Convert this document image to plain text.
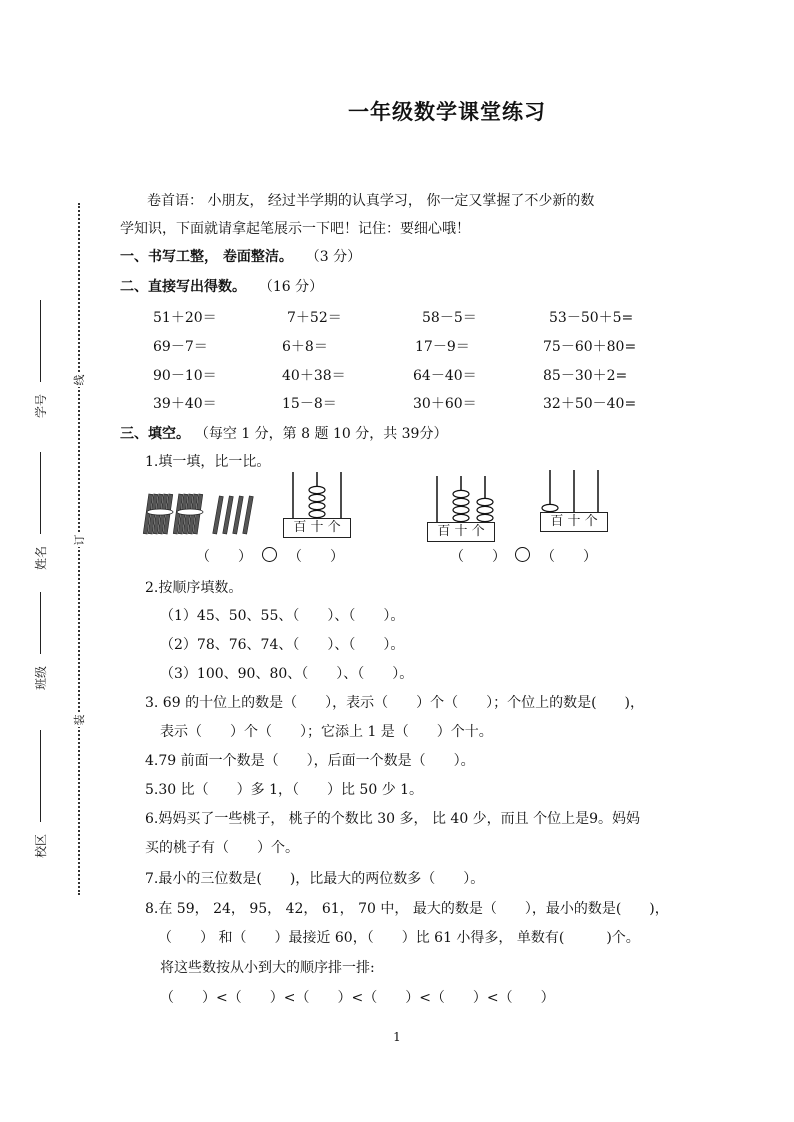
一年级数学课堂练习
线
订
装
学号
姓名
班级
校区
卷首语： 小朋友， 经过半学期的认真学习， 你一定又掌握了不少新的数
学知识，下面就请拿起笔展示一下吧！记住：要细心哦！
一、书写工整， 卷面整洁。 （3 分）
二、直接写出得数。 （16 分）
51＋20＝	7＋52＝	58－5＝	53－50＋5=
69－7＝	6＋8＝	17－9＝	75－60＋80=
90－10＝	40＋38＝	64－40＝	85－30＋2=
39＋40＝	15－8＝	30＋60＝	32＋50－40=
三、填空。 （每空 1 分，第 8 题 10 分，共 39分）
1.填一填，比一比。
百 十 个	百 十 个
百 十 个
（　　）	（　　）	（　　）	（　　）
2.按顺序填数。
（1）45、50、55、（　　）、（　　）。
（2）78、76、74、（　　）、（　　）。
（3）100、90、80、（　　）、（　　）。
3. 69 的十位上的数是（　　），表示（　　）个（　　）；个位上的数是(　　)，
表示（　　）个（　　）；它添上 1 是（　　）个十。
4.79 前面一个数是（　　），后面一个数是（　　）。
5.30 比（　　）多 1，（　　）比 50 少 1。
6.妈妈买了一些桃子， 桃子的个数比 30 多， 比 40 少，而且 个位上是9。妈妈
买的桃子有（　　）个。
7.最小的三位数是(　　)，比最大的两位数多（　　）。
8.在 59， 24， 95， 42， 61， 70 中， 最大的数是（　　），最小的数是(　　)，
（　　） 和（　　）最接近 60，（　　）比 61 小得多， 单数有(　　　)个。
将这些数按从小到大的顺序排一排:
（　　）<（　　）<（　　）<（　　）<（　　）<（　　）
1
